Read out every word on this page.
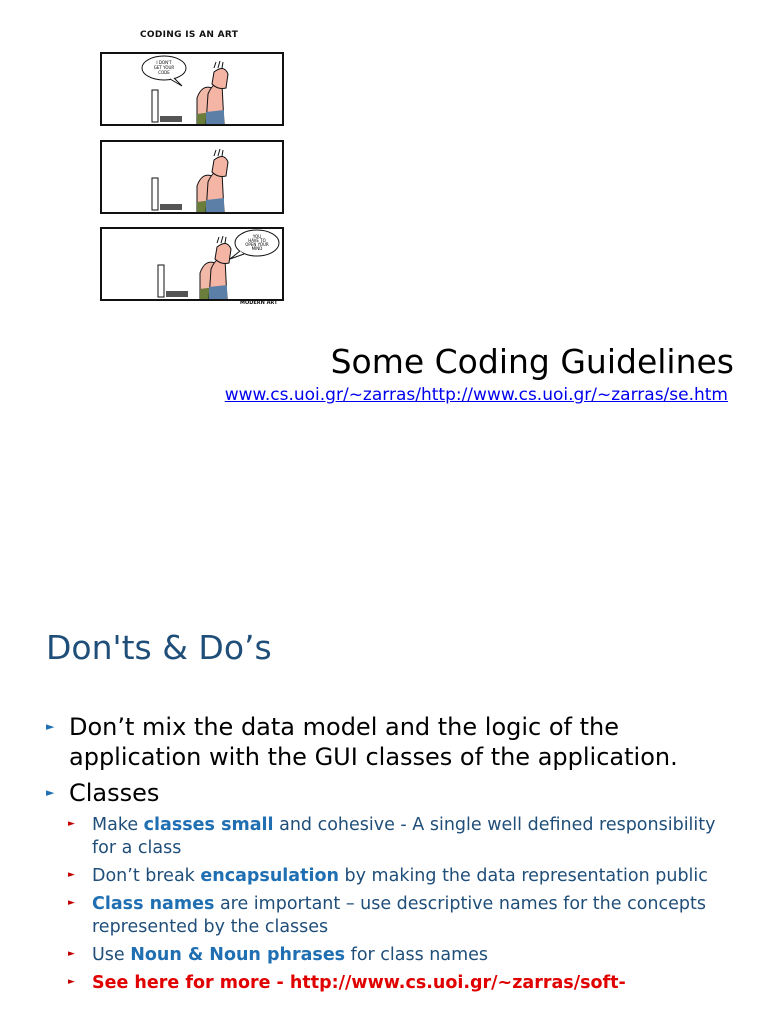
CODING IS AN ART
I DON'T
GET YOUR
CODE
YOU
HAVE TO
OPEN YOUR
MIND
MODERN ART
Some Coding Guidelines
www.cs.uoi.gr/~zarras/http://www.cs.uoi.gr/~zarras/se.htm
Don'ts & Do’s
► Don’t mix the data model and the logic of the application with the GUI classes of the application.
► Classes
► Make classes small and cohesive - A single well defined responsibility for a class
► Don’t break encapsulation by making the data representation public
► Class names are important – use descriptive names for the concepts represented by the classes
► Use Noun & Noun phrases for class names
► See here for more - http://www.cs.uoi.gr/~zarras/soft-
